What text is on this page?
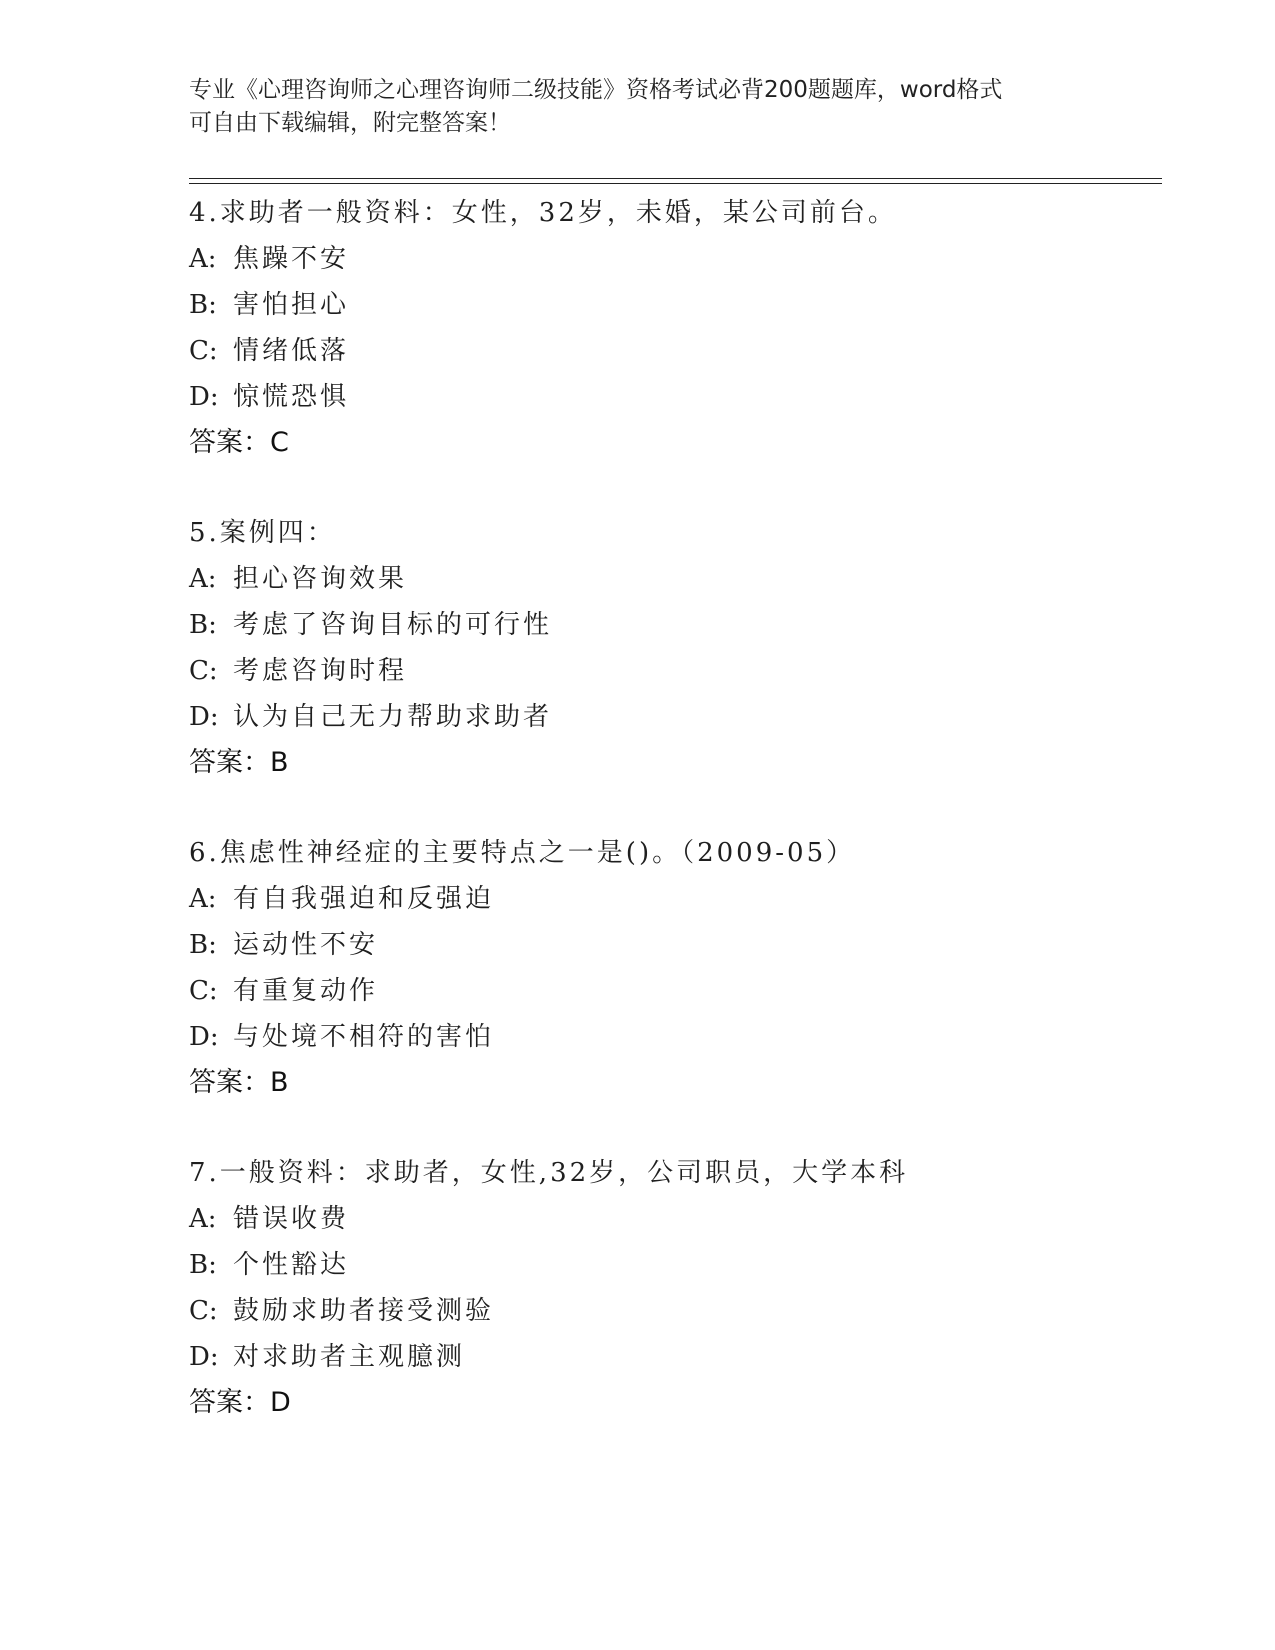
专业《心理咨询师之心理咨询师二级技能》资格考试必背200题题库，word格式
可自由下载编辑，附完整答案！
4.求助者一般资料：女性，32岁，未婚，某公司前台。
A: 焦躁不安
B: 害怕担心
C: 情绪低落
D: 惊慌恐惧
答案：C
5.案例四：
A: 担心咨询效果
B: 考虑了咨询目标的可行性
C: 考虑咨询时程
D: 认为自己无力帮助求助者
答案：B
6.焦虑性神经症的主要特点之一是()。（2009-05）
A: 有自我强迫和反强迫
B: 运动性不安
C: 有重复动作
D: 与处境不相符的害怕
答案：B
7.一般资料：求助者，女性,32岁，公司职员，大学本科
A: 错误收费
B: 个性豁达
C: 鼓励求助者接受测验
D: 对求助者主观臆测
答案：D
